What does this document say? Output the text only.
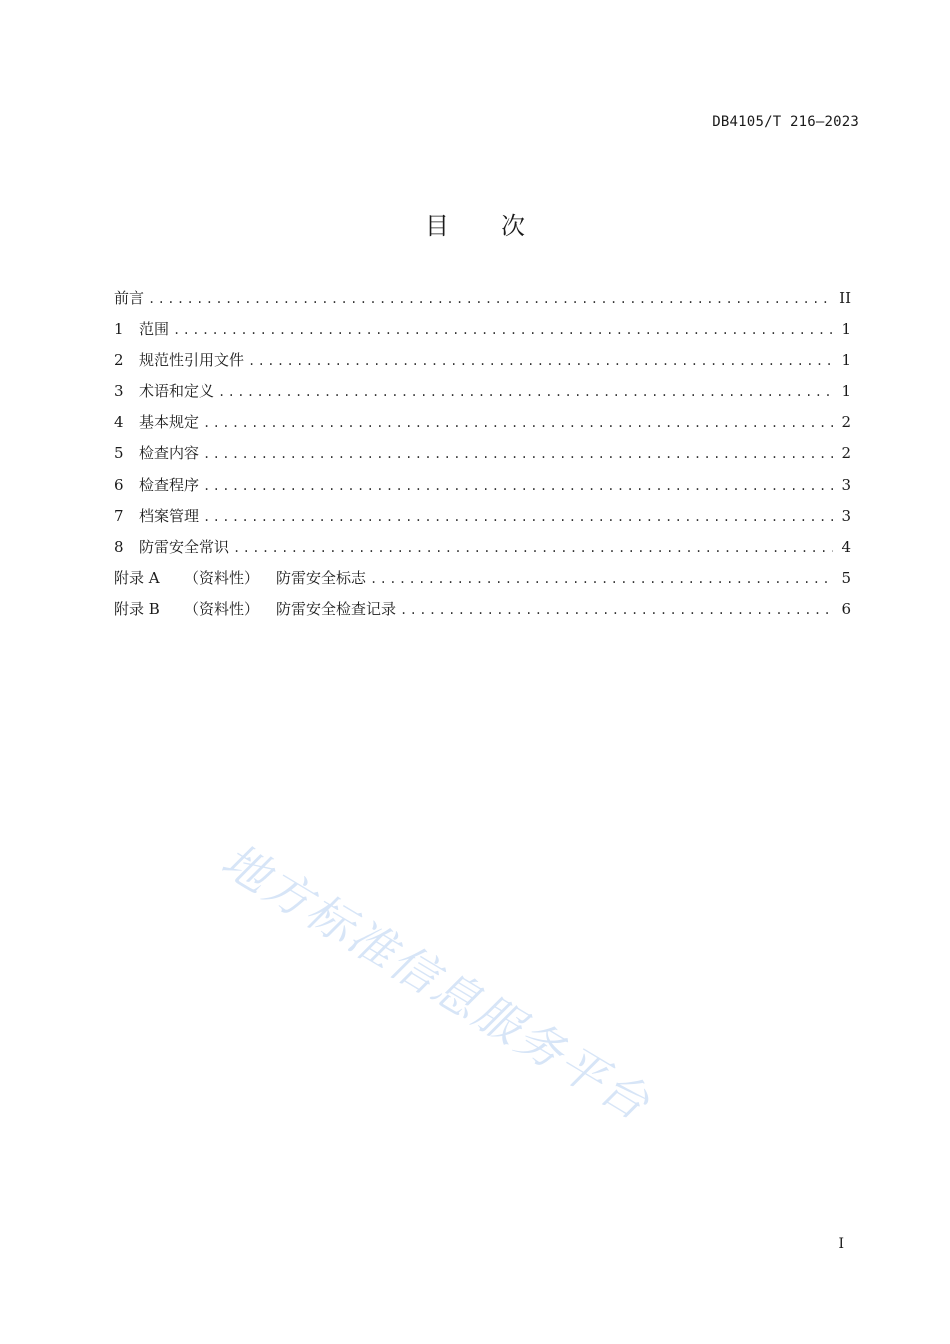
DB4105/T 216—2023
目 次
前言 .....	II
1 范围 .....	1
2 规范性引用文件 .....	1
3 术语和定义 .....	1
4 基本规定 .....	2
5 检查内容 .....	2
6 检查程序 .....	3
7 档案管理 .....	3
8 防雷安全常识 .....	4
附录 A （资料性） 防雷安全标志 .....	5
附录 B （资料性） 防雷安全检查记录 .....	6
地方标准信息服务平台
I
